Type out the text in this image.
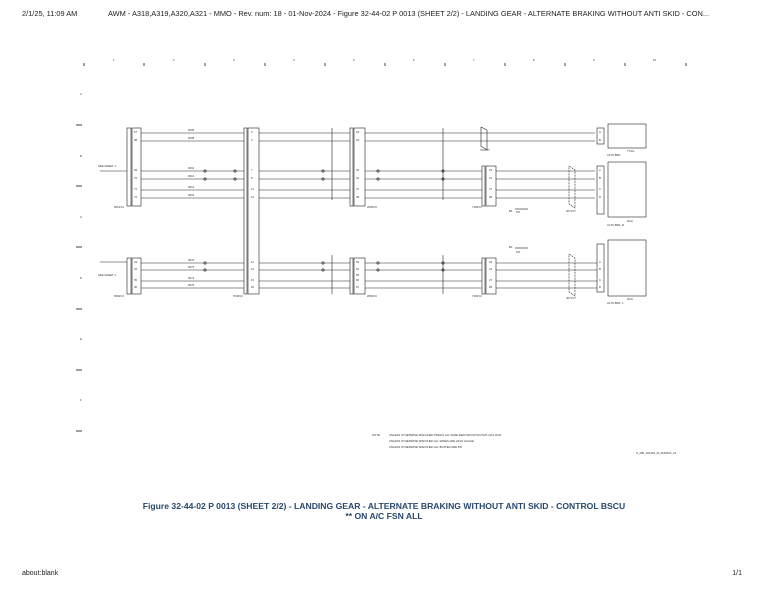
2/1/25, 11:09 AM	AWM - A318,A319,A320,A321 - MMO - Rev. num: 18 - 01-Nov-2024 - Figure 32-44-02 P 0013 (SHEET 2/2) - LANDING GEAR - ALTERNATE BRAKING WITHOUT ANTI SKID - CON...
1	2	3	4	5	6	7	8	9	10
A
B
C
D
E
F
SEE SHEET 1
SEE SHEET 1
5051VC
5060VC	7649VC
2060VC
2066VC
7100VC
7160VC
ALTN BRK
77GG
ALTN BRK, R
3GG
ALTN BRK, L
3GG
B1
B1
7016VT
4071VT
4071VT
67
68
69
70
71
72
33
34
35
36
3
4
7
8
11
12
11
12
15
16
23
24
43
44
47
48
63
64
65
66
67
23
24
27
28
23
24
27
28
A
B
A
B
C
D
A
B
C
D
0006
0008
0010
0012
0014
0016
0070
0072
0074
0076
NOTE :	UNLESS OTHERWISE SPECIFIED PREFIX ALL WIRE IDENTIFICATION WITH ATA 3244
UNLESS OTHERWISE SPECIFIED ALL WIRES ARE 22/24 GAUGE
UNLESS OTHERWISE SPECIFIED ALL BOLTED ARE 5W
N_MM_324402_M_0150004_01
Figure 32-44-02 P 0013 (SHEET 2/2) - LANDING GEAR - ALTERNATE BRAKING WITHOUT ANTI SKID - CONTROL BSCU
** ON A/C FSN ALL
about:blank	1/1
